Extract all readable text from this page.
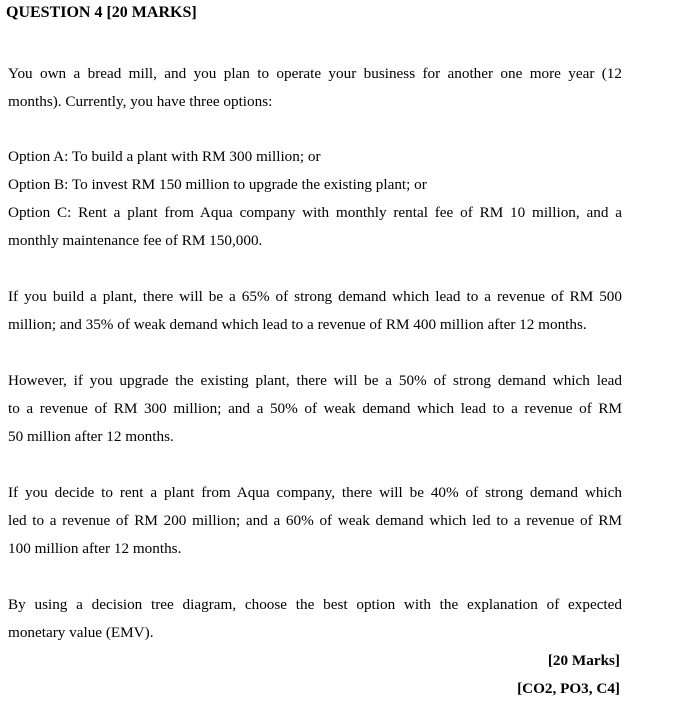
QUESTION 4 [20 MARKS]
You own a bread mill, and you plan to operate your business for another one more year (12
months). Currently, you have three options:
Option A: To build a plant with RM 300 million; or
Option B: To invest RM 150 million to upgrade the existing plant; or
Option C: Rent a plant from Aqua company with monthly rental fee of RM 10 million, and a
monthly maintenance fee of RM 150,000.
If you build a plant, there will be a 65% of strong demand which lead to a revenue of RM 500
million; and 35% of weak demand which lead to a revenue of RM 400 million after 12 months.
However, if you upgrade the existing plant, there will be a 50% of strong demand which lead
to a revenue of RM 300 million; and a 50% of weak demand which lead to a revenue of RM
50 million after 12 months.
If you decide to rent a plant from Aqua company, there will be 40% of strong demand which
led to a revenue of RM 200 million; and a 60% of weak demand which led to a revenue of RM
100 million after 12 months.
By using a decision tree diagram, choose the best option with the explanation of expected
monetary value (EMV).
[20 Marks]
[CO2, PO3, C4]
